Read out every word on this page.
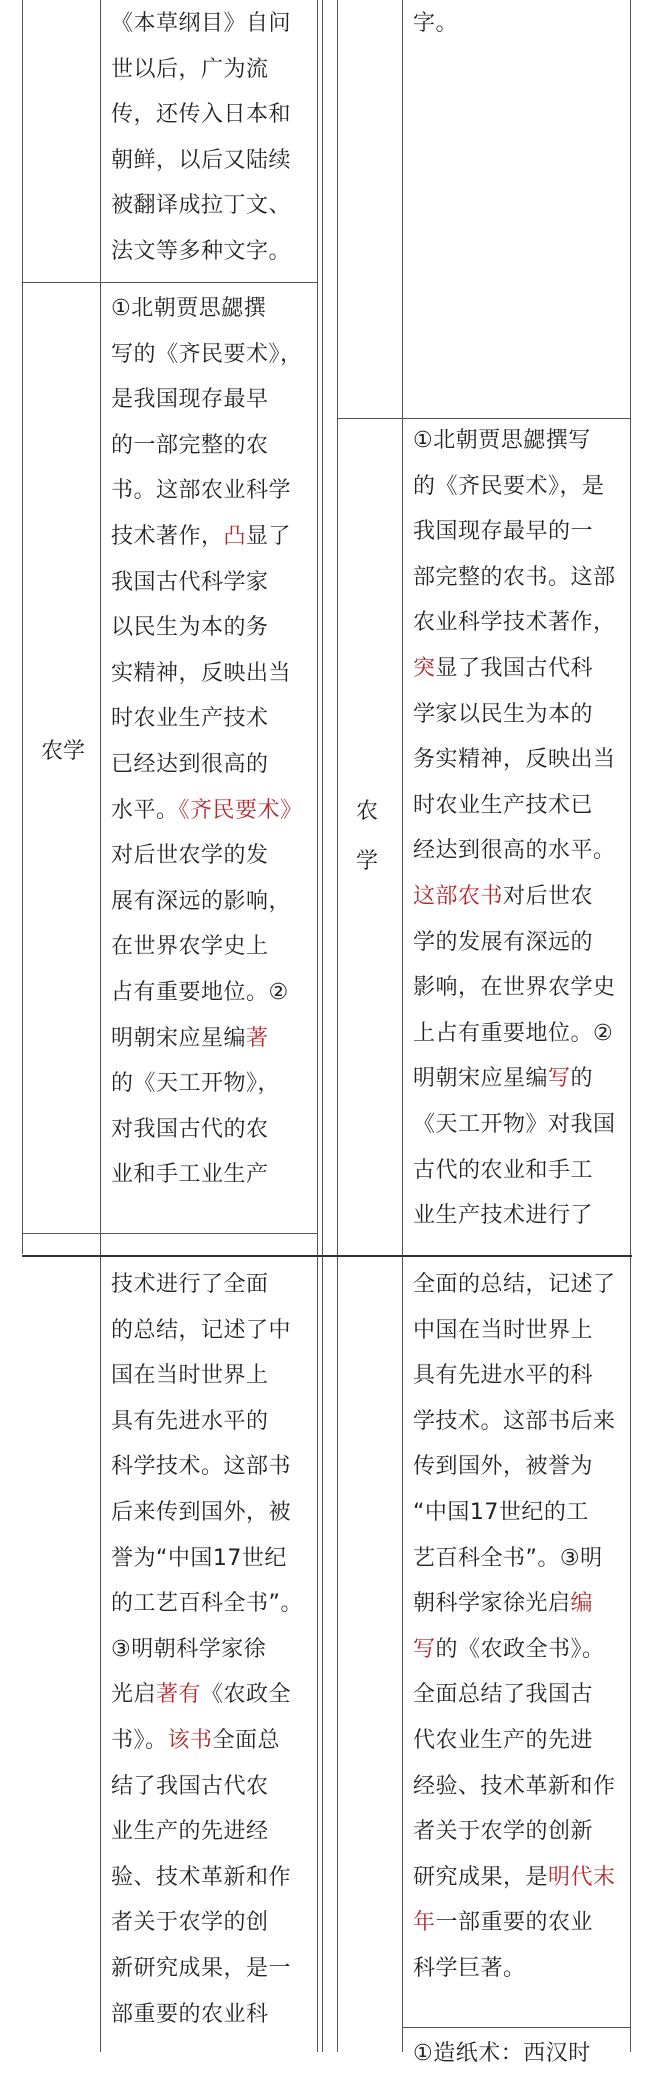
《本草纲目》自问
世以后，广为流
传，还传入日本和
朝鲜，以后又陆续
被翻译成拉丁文、
法文等多种文字。
农学
①北朝贾思勰撰
写的《齐民要术》，
是我国现存最早
的一部完整的农
书。这部农业科学
技术著作，凸显了
我国古代科学家
以民生为本的务
实精神，反映出当
时农业生产技术
已经达到很高的
水平。《齐民要术》
对后世农学的发
展有深远的影响，
在世界农学史上
占有重要地位。②
明朝宋应星编著
的《天工开物》，
对我国古代的农
业和手工业生产
技术进行了全面
的总结，记述了中
国在当时世界上
具有先进水平的
科学技术。这部书
后来传到国外，被
誉为“中国17世纪
的工艺百科全书”。
③明朝科学家徐
光启著有《农政全
书》。该书全面总
结了我国古代农
业生产的先进经
验、技术革新和作
者关于农学的创
新研究成果，是一
部重要的农业科
字。
农
学
①北朝贾思勰撰写
的《齐民要术》，是
我国现存最早的一
部完整的农书。这部
农业科学技术著作，
突显了我国古代科
学家以民生为本的
务实精神，反映出当
时农业生产技术已
经达到很高的水平。
这部农书对后世农
学的发展有深远的
影响，在世界农学史
上占有重要地位。②
明朝宋应星编写的
《天工开物》对我国
古代的农业和手工
业生产技术进行了
全面的总结，记述了
中国在当时世界上
具有先进水平的科
学技术。这部书后来
传到国外，被誉为
“中国17世纪的工
艺百科全书”。③明
朝科学家徐光启编
写的《农政全书》。
全面总结了我国古
代农业生产的先进
经验、技术革新和作
者关于农学的创新
研究成果，是明代末
年一部重要的农业
科学巨著。
①造纸术：西汉时
